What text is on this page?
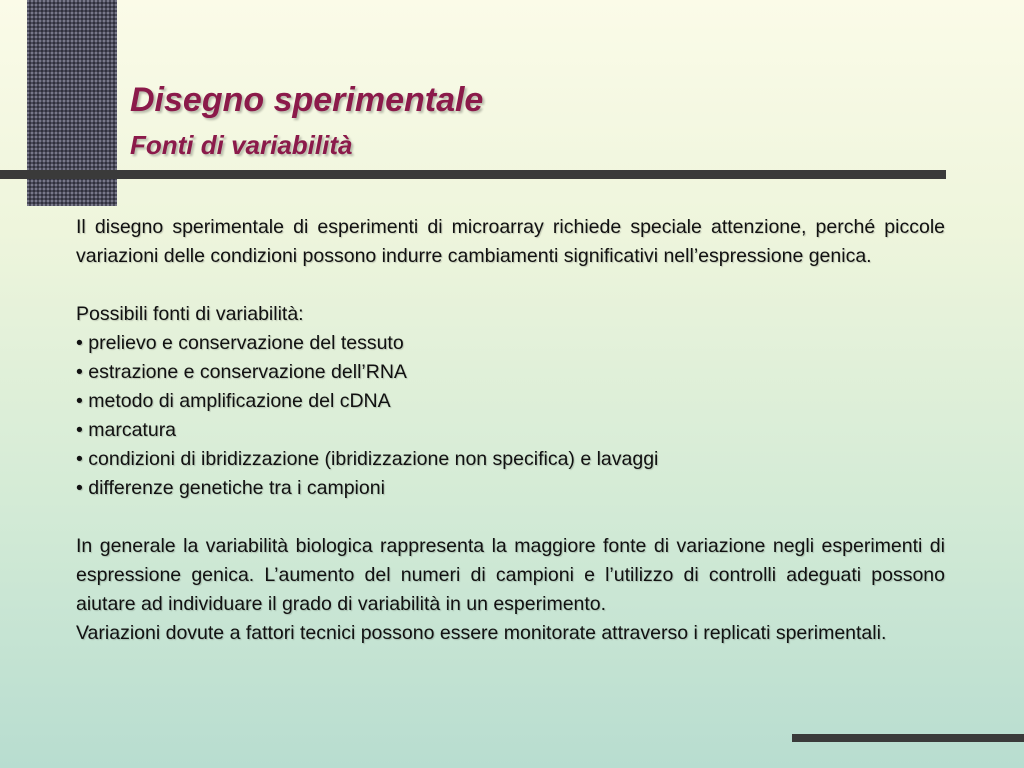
Disegno sperimentale
Fonti di variabilità

Il disegno sperimentale di esperimenti di microarray richiede speciale attenzione, perché piccole variazioni delle condizioni possono indurre cambiamenti significativi nell’espressione genica.

Possibili fonti di variabilità:

• prelievo e conservazione del tessuto
• estrazione e conservazione dell’RNA
• metodo di amplificazione del cDNA
• marcatura
• condizioni di ibridizzazione (ibridizzazione non specifica) e lavaggi
• differenze genetiche tra i campioni

In generale la variabilità biologica rappresenta la maggiore fonte di variazione negli esperimenti di espressione genica. L’aumento del numeri di campioni e l’utilizzo di controlli adeguati possono aiutare ad individuare il grado di variabilità in un esperimento.

Variazioni dovute a fattori tecnici possono essere monitorate attraverso i replicati sperimentali.
